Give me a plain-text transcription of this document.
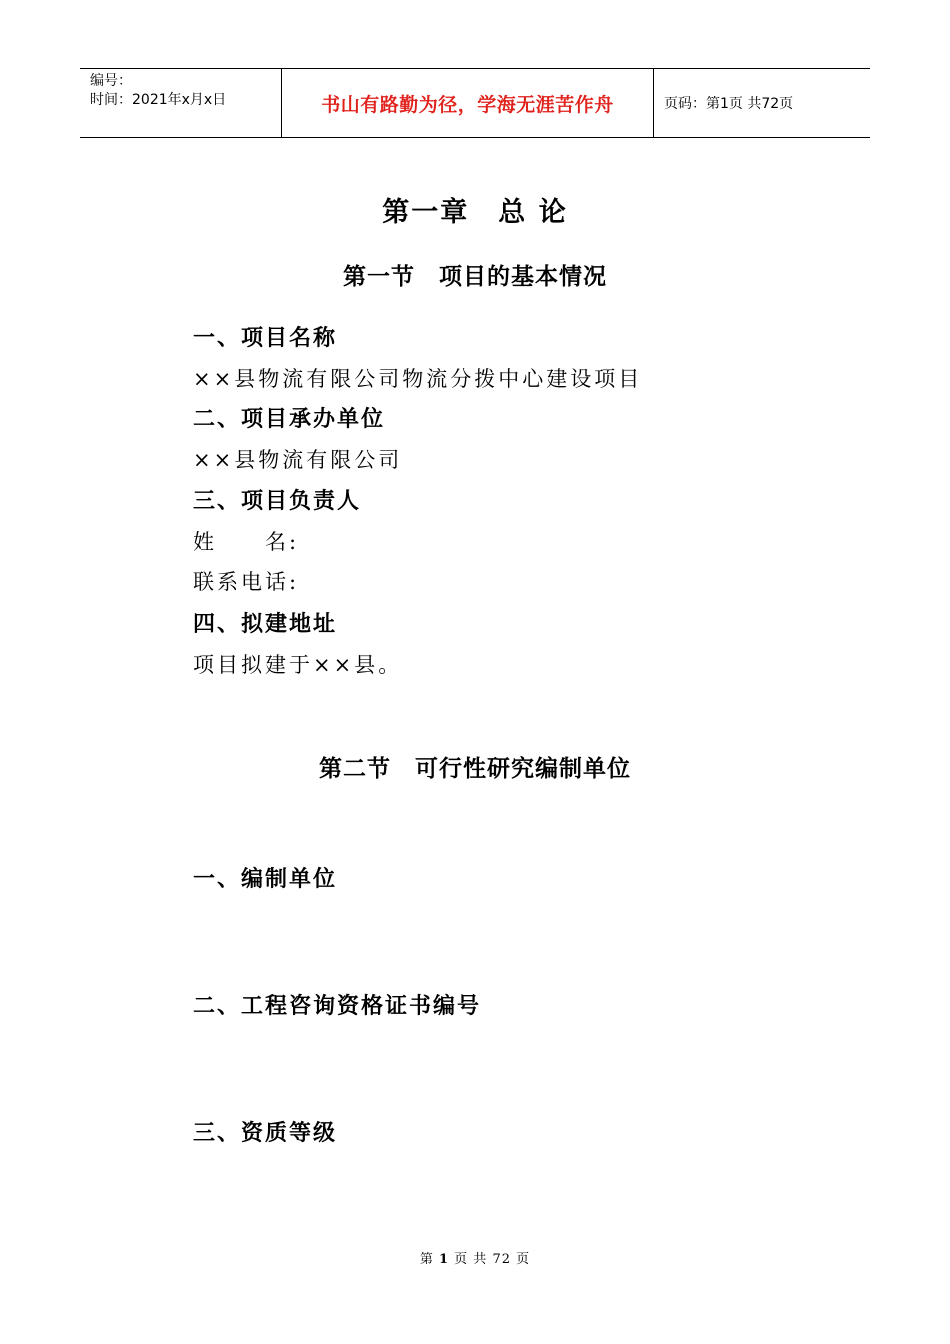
编号：
时间：2021年x月x日	书山有路勤为径，学海无涯苦作舟	页码：第1页 共72页
第一章　总 论
第一节　项目的基本情况
一、项目名称
××县物流有限公司物流分拨中心建设项目
二、项目承办单位
××县物流有限公司
三、项目负责人
姓　　名:
联系电话:
四、拟建地址
项目拟建于××县。
第二节　可行性研究编制单位
一、编制单位
二、工程咨询资格证书编号
三、资质等级
第 1 页 共 72 页
